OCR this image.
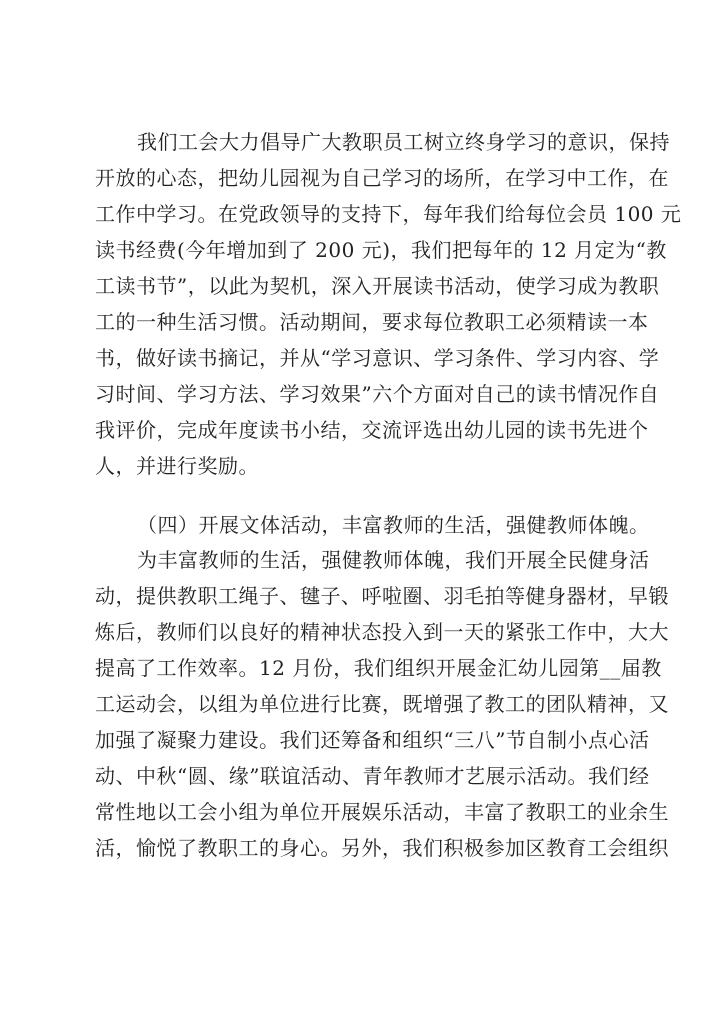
我们工会大力倡导广大教职员工树立终身学习的意识，保持
开放的心态，把幼儿园视为自己学习的场所，在学习中工作，在
工作中学习。在党政领导的支持下，每年我们给每位会员 100 元
读书经费(今年增加到了 200 元)，我们把每年的 12 月定为“教
工读书节”，以此为契机，深入开展读书活动，使学习成为教职
工的一种生活习惯。活动期间，要求每位教职工必须精读一本
书，做好读书摘记，并从“学习意识、学习条件、学习内容、学
习时间、学习方法、学习效果”六个方面对自己的读书情况作自
我评价，完成年度读书小结，交流评选出幼儿园的读书先进个
人，并进行奖励。
（四）开展文体活动，丰富教师的生活，强健教师体魄。
为丰富教师的生活，强健教师体魄，我们开展全民健身活
动，提供教职工绳子、毽子、呼啦圈、羽毛拍等健身器材，早锻
炼后，教师们以良好的精神状态投入到一天的紧张工作中，大大
提高了工作效率。12 月份，我们组织开展金汇幼儿园第__届教
工运动会，以组为单位进行比赛，既增强了教工的团队精神，又
加强了凝聚力建设。我们还筹备和组织“三八”节自制小点心活
动、中秋“圆、缘”联谊活动、青年教师才艺展示活动。我们经
常性地以工会小组为单位开展娱乐活动，丰富了教职工的业余生
活，愉悦了教职工的身心。另外，我们积极参加区教育工会组织
